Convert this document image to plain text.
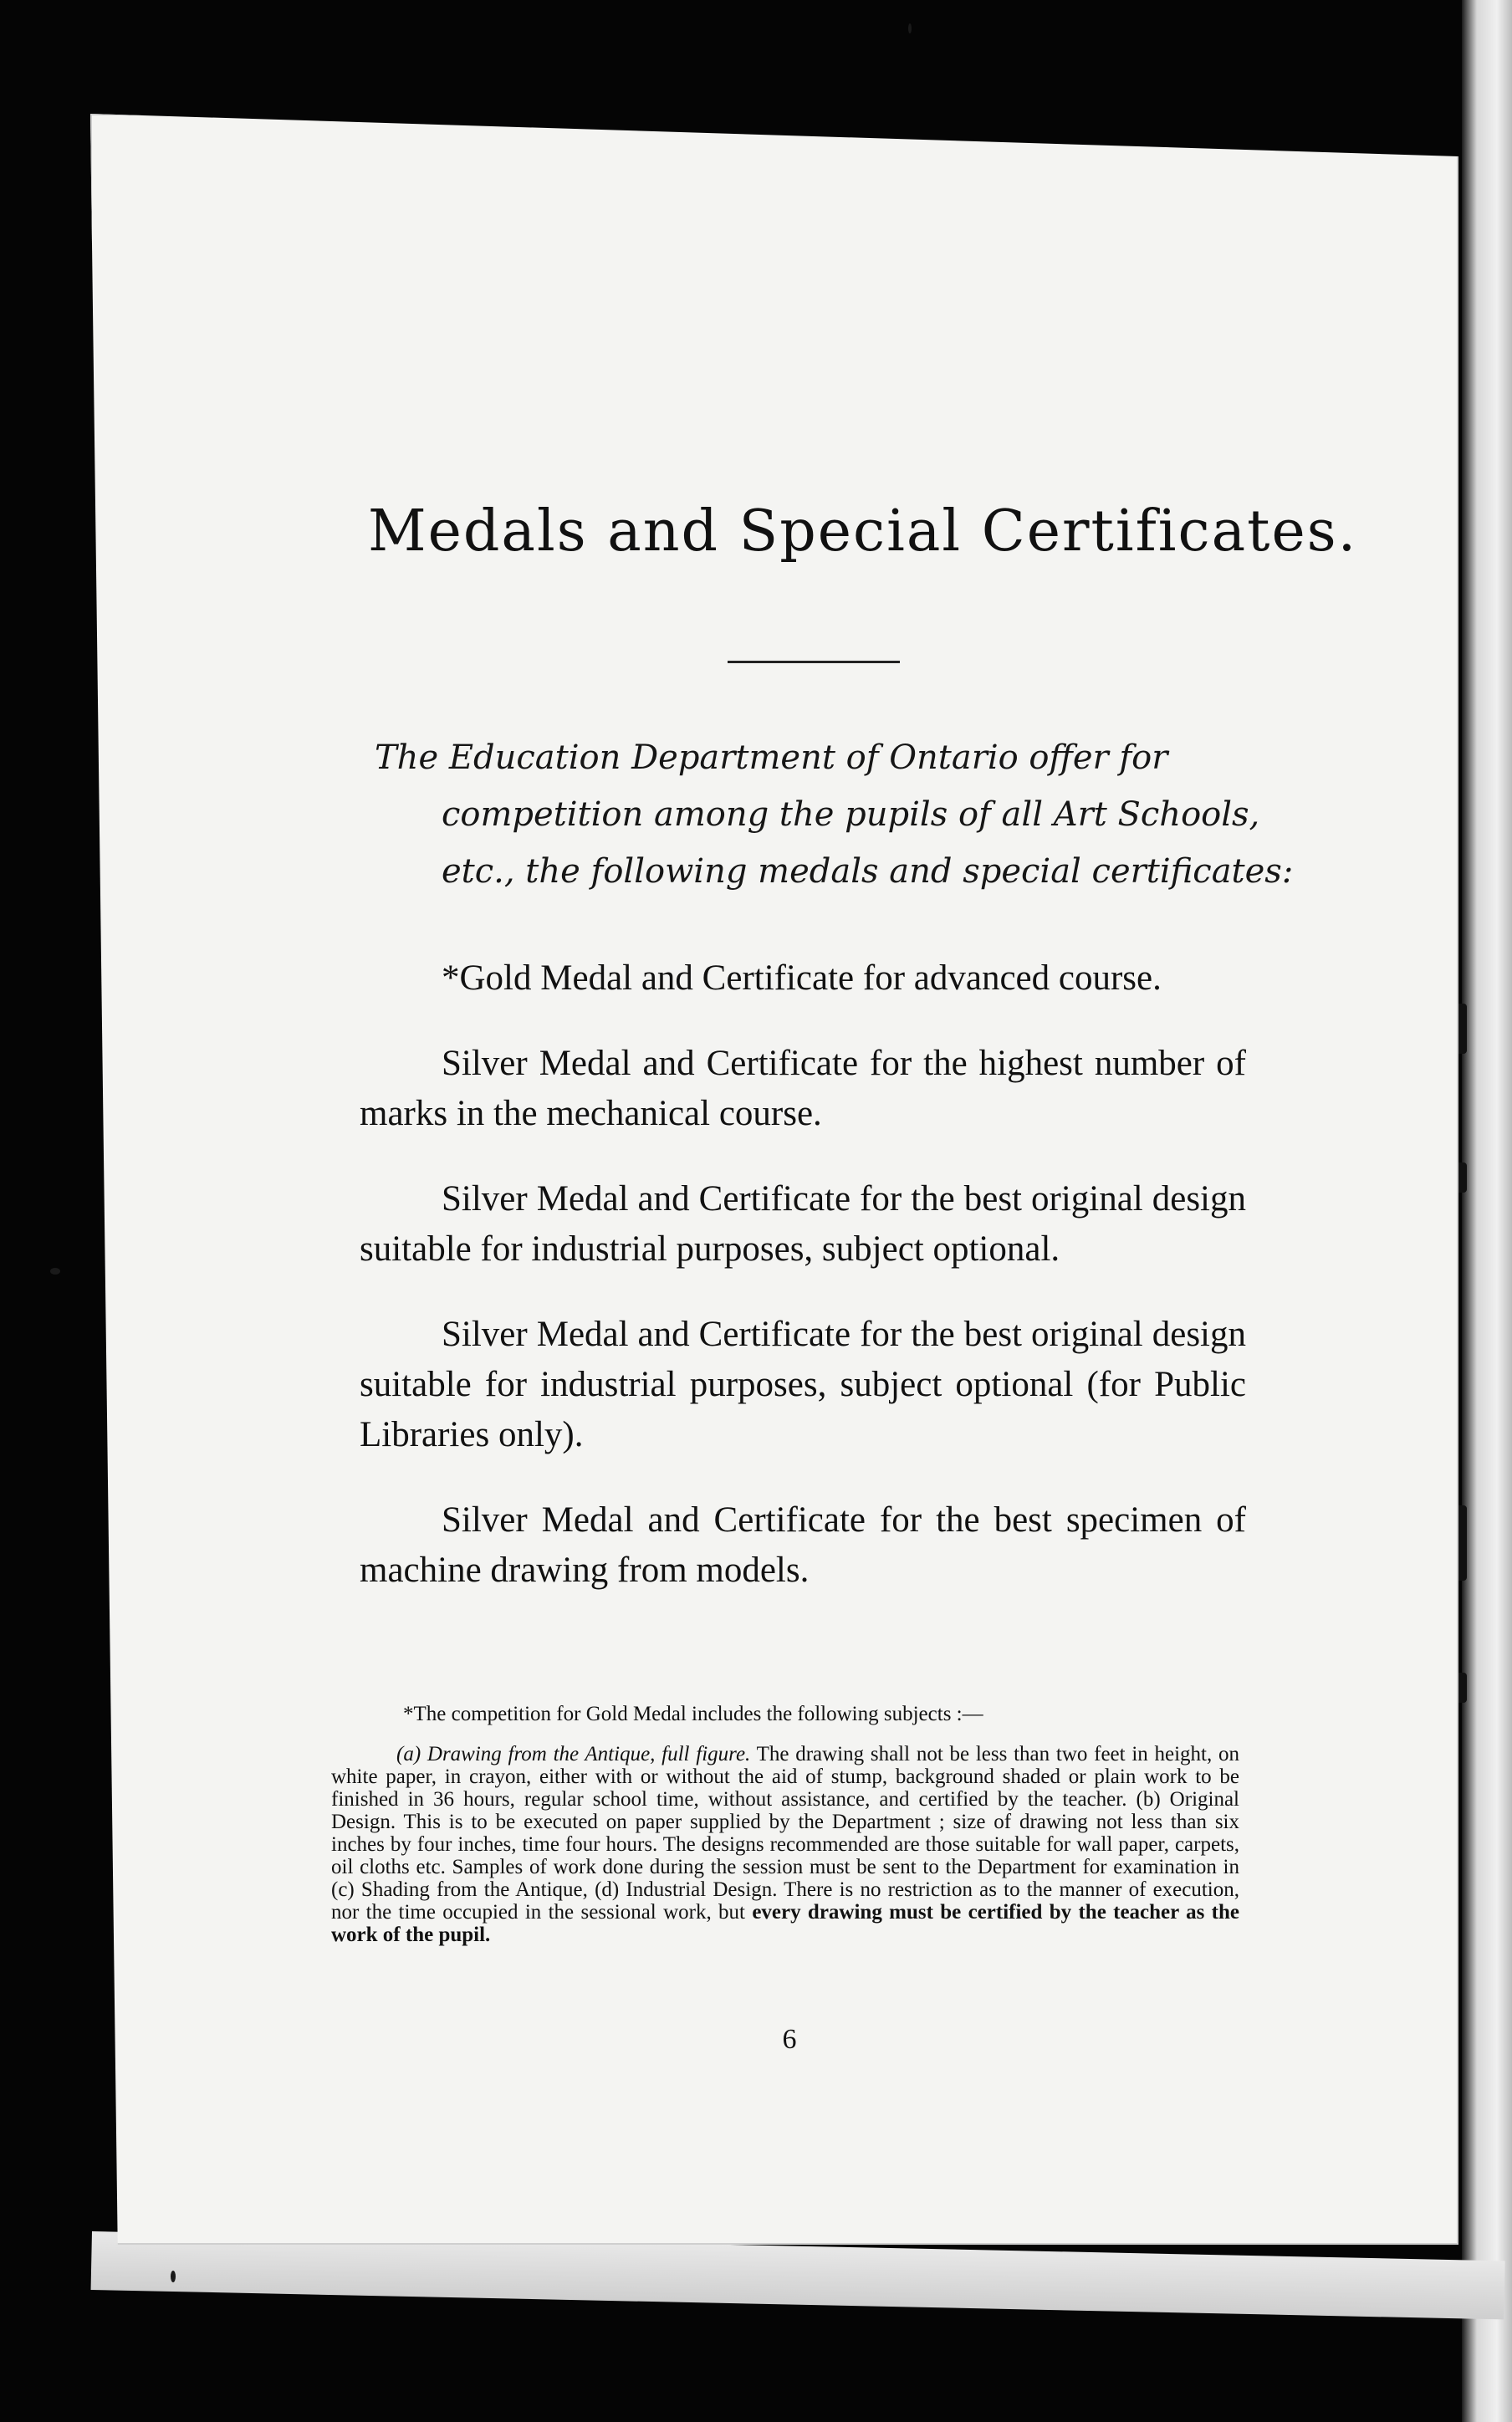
Medals and Special Certificates.

The Education Department of Ontario offer for competition among the pupils of all Art Schools, etc., the following medals and special certificates:

*Gold Medal and Certificate for advanced course.

Silver Medal and Certificate for the highest number of marks in the mechanical course.

Silver Medal and Certificate for the best original design suitable for industrial purposes, subject optional.

Silver Medal and Certificate for the best original design suitable for industrial purposes, subject optional (for Public Libraries only).

Silver Medal and Certificate for the best specimen of machine drawing from models.

*The competition for Gold Medal includes the following subjects :—

(a) Drawing from the Antique, full figure. The drawing shall not be less than two feet in height, on white paper, in crayon, either with or without the aid of stump, background shaded or plain work to be finished in 36 hours, regular school time, without assistance, and certified by the teacher. (b) Original Design. This is to be executed on paper supplied by the Department ; size of drawing not less than six inches by four inches, time four hours. The designs recommended are those suitable for wall paper, carpets, oil cloths etc. Samples of work done during the session must be sent to the Department for examination in (c) Shading from the Antique, (d) Industrial Design. There is no restriction as to the manner of execution, nor the time occupied in the sessional work, but every drawing must be certified by the teacher as the work of the pupil.

6
